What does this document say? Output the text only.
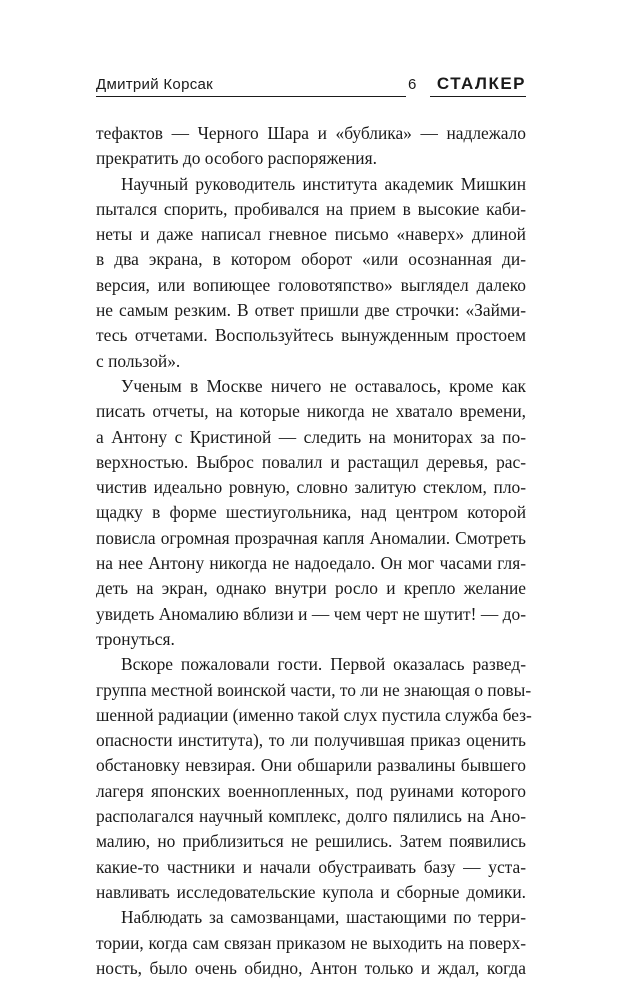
Дмитрий Корсак	6 СТАЛКЕР
тефактов — Черного Шара и «бублика» — надлежало
прекратить до особого распоряжения.
Научный руководитель института академик Мишкин
пытался спорить, пробивался на прием в высокие каби-
неты и даже написал гневное письмо «наверх» длиной
в два экрана, в котором оборот «или осознанная ди-
версия, или вопиющее головотяпство» выглядел далеко
не самым резким. В ответ пришли две строчки: «Займи-
тесь отчетами. Воспользуйтесь вынужденным простоем
с пользой».
Ученым в Москве ничего не оставалось, кроме как
писать отчеты, на которые никогда не хватало времени,
а Антону с Кристиной — следить на мониторах за по-
верхностью. Выброс повалил и растащил деревья, рас-
чистив идеально ровную, словно залитую стеклом, пло-
щадку в форме шестиугольника, над центром которой
повисла огромная прозрачная капля Аномалии. Смотреть
на нее Антону никогда не надоедало. Он мог часами гля-
деть на экран, однако внутри росло и крепло желание
увидеть Аномалию вблизи и — чем черт не шутит! — до-
тронуться.
Вскоре пожаловали гости. Первой оказалась развед-
группа местной воинской части, то ли не знающая о повы-
шенной радиации (именно такой слух пустила служба без-
опасности института), то ли получившая приказ оценить
обстановку невзирая. Они обшарили развалины бывшего
лагеря японских военнопленных, под руинами которого
располагался научный комплекс, долго пялились на Ано-
малию, но приблизиться не решились. Затем появились
какие-то частники и начали обустраивать базу — уста-
навливать исследовательские купола и сборные домики.
Наблюдать за самозванцами, шастающими по терри-
тории, когда сам связан приказом не выходить на поверх-
ность, было очень обидно, Антон только и ждал, когда
